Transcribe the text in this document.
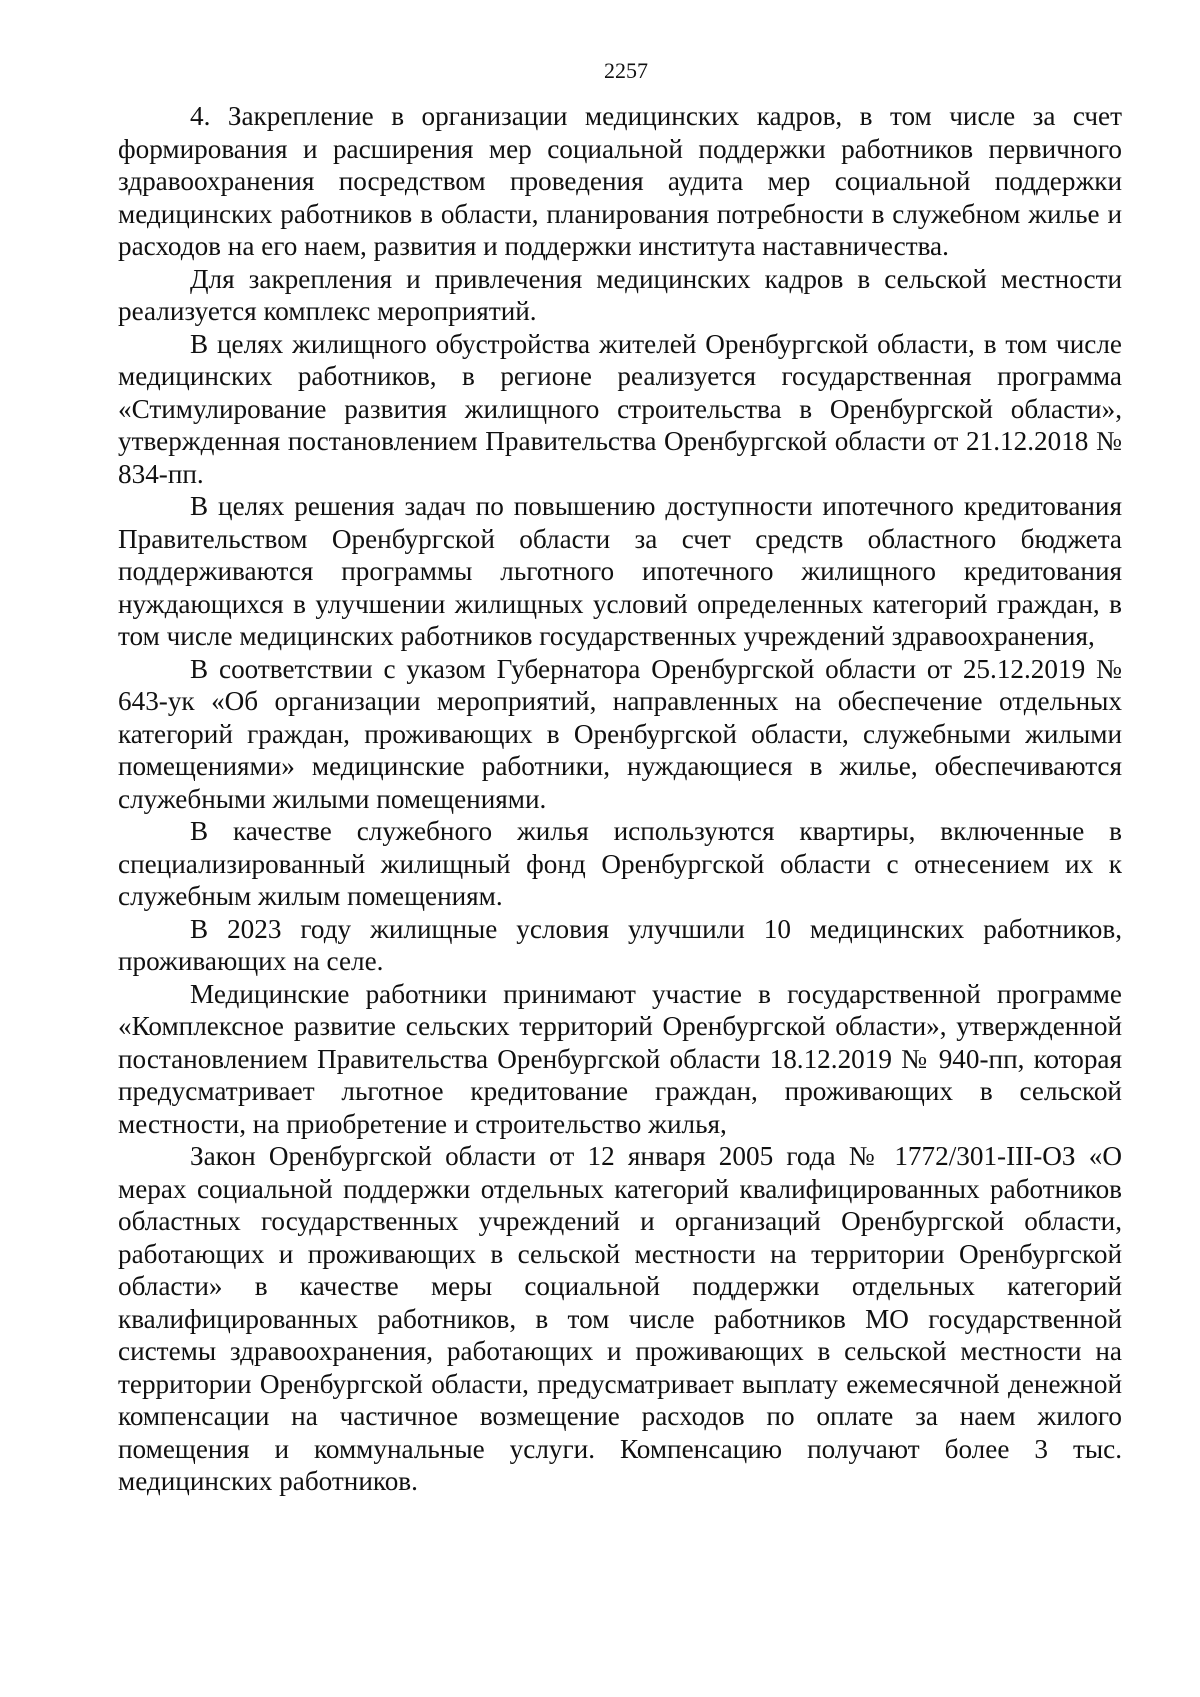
2257

4. Закрепление в организации медицинских кадров, в том числе за счет формирования и расширения мер социальной поддержки работников первичного здравоохранения посредством проведения аудита мер социальной поддержки медицинских работников в области, планирования потребности в служебном жилье и расходов на его наем, развития и поддержки института наставничества.

Для закрепления и привлечения медицинских кадров в сельской местности реализуется комплекс мероприятий.

В целях жилищного обустройства жителей Оренбургской области, в том числе медицинских работников, в регионе реализуется государственная программа «Стимулирование развития жилищного строительства в Оренбургской области», утвержденная постановлением Правительства Оренбургской области от 21.12.2018 № 834-пп.

В целях решения задач по повышению доступности ипотечного кредитования Правительством Оренбургской области за счет средств областного бюджета поддерживаются программы льготного ипотечного жилищного кредитования нуждающихся в улучшении жилищных условий определенных категорий граждан, в том числе медицинских работников государственных учреждений здравоохранения,

В соответствии с указом Губернатора Оренбургской области от 25.12.2019 № 643-ук «Об организации мероприятий, направленных на обеспечение отдельных категорий граждан, проживающих в Оренбургской области, служебными жилыми помещениями» медицинские работники, нуждающиеся в жилье, обеспечиваются служебными жилыми помещениями.

В качестве служебного жилья используются квартиры, включенные в специализированный жилищный фонд Оренбургской области с отнесением их к служебным жилым помещениям.

В 2023 году жилищные условия улучшили 10 медицинских работников, проживающих на селе.

Медицинские работники принимают участие в государственной программе «Комплексное развитие сельских территорий Оренбургской области», утвержденной постановлением Правительства Оренбургской области 18.12.2019 № 940-пп, которая предусматривает льготное кредитование граждан, проживающих в сельской местности, на приобретение и строительство жилья,

Закон Оренбургской области от 12 января 2005 года № 1772/301-III-ОЗ «О мерах социальной поддержки отдельных категорий квалифицированных работников областных государственных учреждений и организаций Оренбургской области, работающих и проживающих в сельской местности на территории Оренбургской области» в качестве меры социальной поддержки отдельных категорий квалифицированных работников, в том числе работников МО государственной системы здравоохранения, работающих и проживающих в сельской местности на территории Оренбургской области, предусматривает выплату ежемесячной денежной компенсации на частичное возмещение расходов по оплате за наем жилого помещения и коммунальные услуги. Компенсацию получают более 3 тыс. медицинских работников.
